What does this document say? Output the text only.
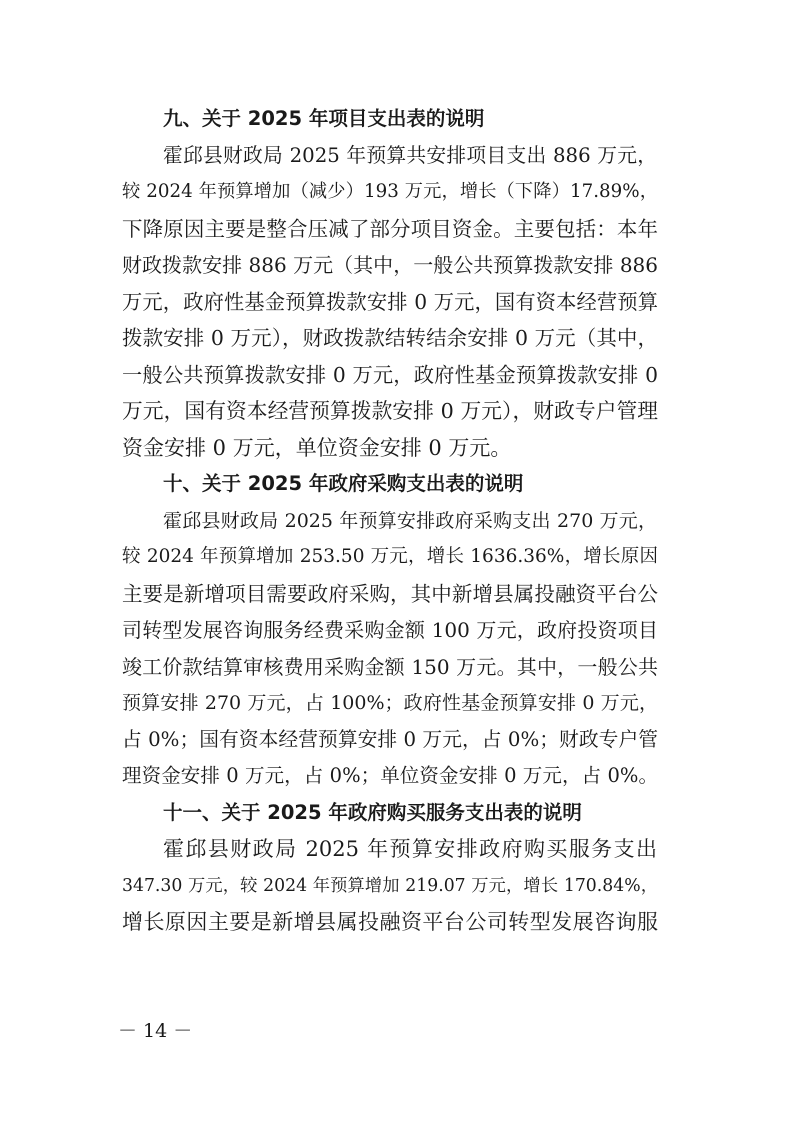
九、关于 2025 年项目支出表的说明
霍邱县财政局 2025 年预算共安排项目支出 886 万元，
较 2024 年预算增加（减少）193 万元，增长（下降）17.89%，
下降原因主要是整合压减了部分项目资金。主要包括：本年
财政拨款安排 886 万元（其中，一般公共预算拨款安排 886
万元，政府性基金预算拨款安排 0 万元，国有资本经营预算
拨款安排 0 万元），财政拨款结转结余安排 0 万元（其中，
一般公共预算拨款安排 0 万元，政府性基金预算拨款安排 0
万元，国有资本经营预算拨款安排 0 万元），财政专户管理
资金安排 0 万元，单位资金安排 0 万元。
十、关于 2025 年政府采购支出表的说明
霍邱县财政局 2025 年预算安排政府采购支出 270 万元，
较 2024 年预算增加 253.50 万元，增长 1636.36%，增长原因
主要是新增项目需要政府采购，其中新增县属投融资平台公
司转型发展咨询服务经费采购金额 100 万元，政府投资项目
竣工价款结算审核费用采购金额 150 万元。其中，一般公共
预算安排 270 万元，占 100%；政府性基金预算安排 0 万元，
占 0%；国有资本经营预算安排 0 万元，占 0%；财政专户管
理资金安排 0 万元，占 0%；单位资金安排 0 万元，占 0%。
十一、关于 2025 年政府购买服务支出表的说明
霍邱县财政局 2025 年预算安排政府购买服务支出
347.30 万元，较 2024 年预算增加 219.07 万元，增长 170.84%，
增长原因主要是新增县属投融资平台公司转型发展咨询服
－ 14 －
